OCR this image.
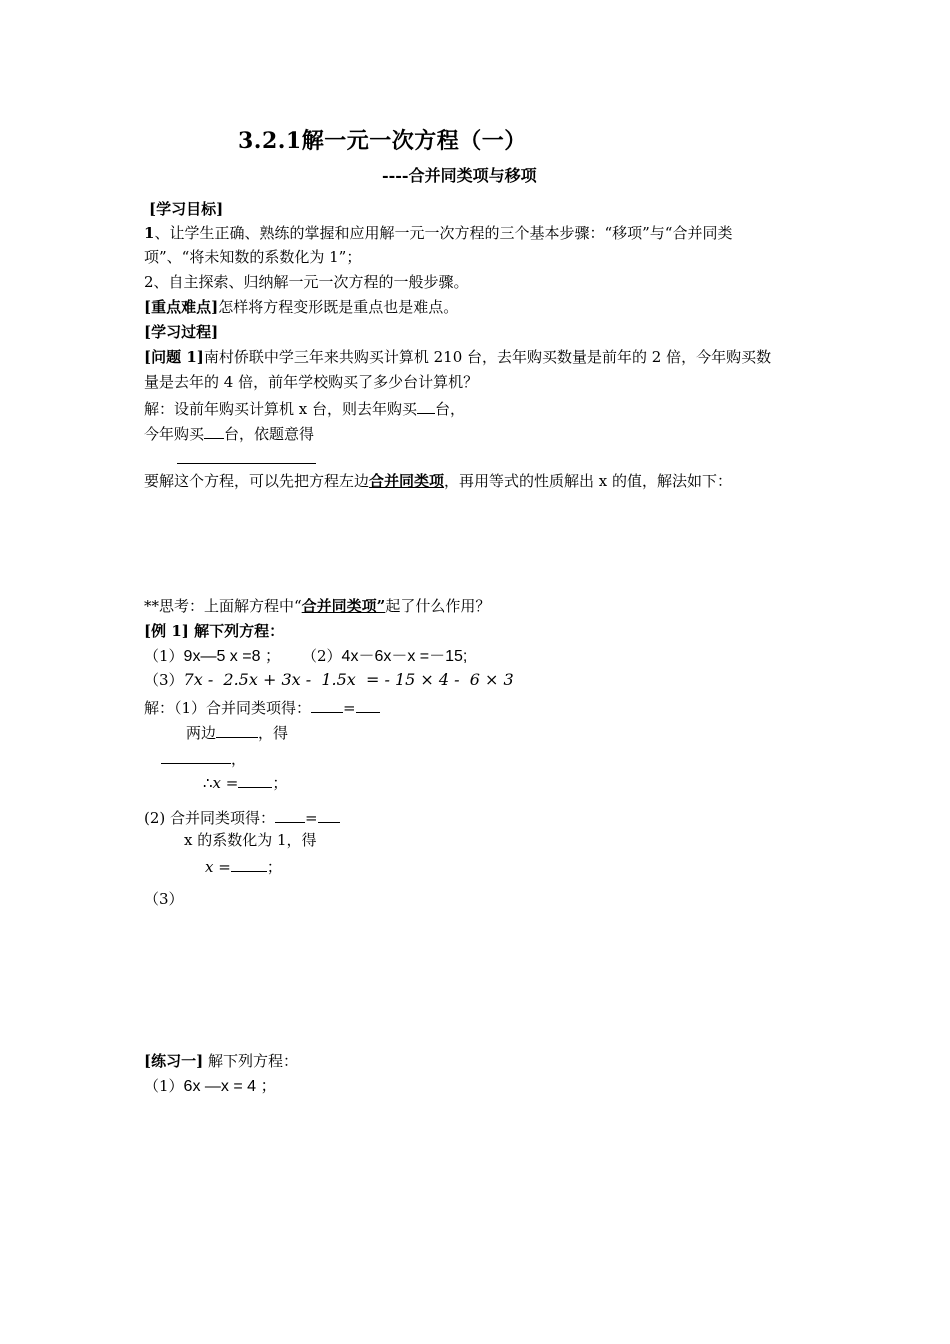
3.2.1解一元一次方程（一）
----合并同类项与移项
[学习目标]
1、让学生正确、熟练的掌握和应用解一元一次方程的三个基本步骤：“移项”与“合并同类
项”、“将未知数的系数化为 1”；
2、自主探索、归纳解一元一次方程的一般步骤。
[重点难点]怎样将方程变形既是重点也是难点。
[学习过程]
[问题 1]南村侨联中学三年来共购买计算机 210 台，去年购买数量是前年的 2 倍，今年购买数
量是去年的 4 倍，前年学校购买了多少台计算机？
解：设前年购买计算机 x 台，则去年购买 台，
今年购买 台，依题意得
要解这个方程，可以先把方程左边合并同类项，再用等式的性质解出 x 的值，解法如下：
**思考：上面解方程中“合并同类项”起了什么作用？
[例 1] 解下列方程：
（1）9x—5 x =8 ； （2）4x－6x－x =－15;
（3）7x -  2.5x + 3x -  1.5x  = - 15 × 4 -  6 × 3
解：（1）合并同类项得： =
两边	，得
，
∴x = ；
(2) 合并同类项得： =
x 的系数化为 1，得
x = ；
（3）
[练习一] 解下列方程：
（1）6x —x = 4 ；
